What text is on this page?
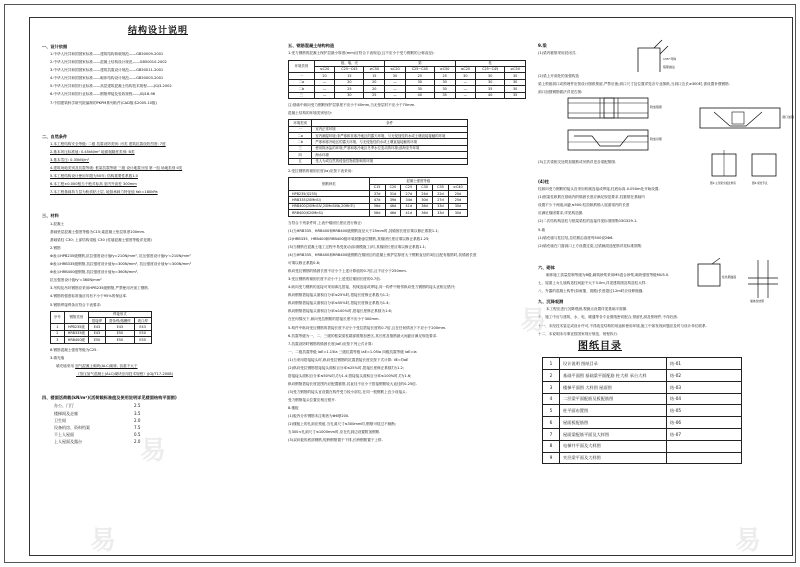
结构设计说明

一、设计依据

1.中华人民共和国国家标准——建筑结构荷载规范——GB50009-2001

2.中华人民共和国国家标准——混凝土结构设计规范——GB50010-2002

3.中华人民共和国国家标准——建筑抗震设计规范——GB50011-2001

4.中华人民共和国国家标准——砌体结构设计规范——GB50003-2001

5.中华人民共和国行业标准——高层建筑混凝土结构技术规程——JGJ3-2002

6.中华人民共和国行业标准——钢筋焊接及验收规程——JGJ18-96

7.中国建筑科学研究院编制的PKPM系列软件(CAD版本2005.10版)

二、自然条件

1.本工程结构安全等级: 二级 抗震设防类别: 丙类 建筑抗震设防烈度: 7度

2.基本风压标准值: 0.45kN/m² 地面粗糙度类别: B类

3.基本雪压: 0.35kN/m²

4.建筑场地类别及抗震等级: 框架抗震等级 三级 设计地震分组 第一组 场地类别 II类

5.本工程结构设计使用年限为50年; 结构重要性系数1.0

6.本工程±0.000相当于绝对标高 室内外高差 300mm

7.本工程基础持力层为粉质粘土层, 地基承载力特征值 fak=180kPa

三、材料

1.混凝土

基础垫层混凝土强度等级为C15;素混凝土垫层厚度100mm.

基础梁柱 C30; 上部结构梁板 C30 (柱墙混凝土强度等级详见图)

2.钢筋

Φ表示HPB235级钢筋,抗拉强度设计值fy=210N/mm², 抗压强度设计值fy'=210N/mm²

Φ表示HRB335级钢筋,抗拉强度设计值fy=300N/mm², 抗压强度设计值fy'=300N/mm²

Φ表示HRB400级钢筋,抗拉强度设计值fy=360N/mm²,

抗压强度设计值fy'=360N/mm²

3.吊钩及吊环钢筋应采用HPB235级钢筋,严禁使用冷加工钢筋.

4.钢筋的强度标准值应具有不小于95%的保证率.

5.钢筋焊接焊条应符合下表要求:

序号	钢筋类别	焊接形式		
		搭接焊	帮条焊/熔槽焊	坡口焊
1	HPB235级	E43	E43	E43
2	HRB335级	E43	E50	E50
3	HRB400级	E50	E50	E55

6.钢筋混凝土强度等级为C25.

3.填充墙

填充墙采用 加气混凝土砌块(ALC)砌体, 容重不大于

《蒸压加气混凝土(ALC)砌块应用技术规程》(JGJ/T17-2008)

四、楼面活荷载(kN/m²)(活荷载标准值及使用说明详见楼面结构平面图)

办公、门厅	2.5
楼梯间及走廊	3.5
卫生间	2.0
设备机房、资料档案	7.5
不上人屋面	0.5
上人屋面及露台	2.0

五、钢筋混凝土结构构造

1.受力钢筋的混凝土保护层最小厚度(mm)应符合下表规定(且不应小于受力钢筋的公称直径):

环境类别	板、墙、壳			梁			柱		
	≤C20	C25~C45	≥C50	≤C20	C25~C45	≥C50	≤C20	C25~C45	≥C50
一	20	15	15	30	25	25	30	30	30
二a	—	20	20	—	30	30	—	30	30
二b	—	25	20	—	35	30	—	35	30
三	—	30	25	—	40	35	—	40	35

注:基础中纵向受力钢筋保护层厚度不应小于40mm,当无垫层时不应小于70mm.

混凝土结构的环境类别划分:

环境类别	条件
一	室内正常环境
二a	室内潮湿环境;非严寒和非寒冷地区的露天环境、与无侵蚀性的水或土壤直接接触的环境
二b	严寒和寒冷地区的露天环境、与无侵蚀性的水或土壤直接接触的环境
三	使用除冰盐的环境;严寒和寒冷地区冬季水位变动的环境;滨海室外环境
四	海水环境
五	受人为或自然的侵蚀性物质影响的环境

2.受拉钢筋的锚固长度(la)应按下表采用:

钢筋种类	混凝土强度等级					
	C15	C20	C25	C30	C35	≥C40
HPB235(Q235)	37d	31d	27d	24d	22d	20d
HRB335(20MnSi)	47d	39d	34d	30d	27d	25d
HRB400(20MnSiV,20MnSiNb,20MnTi)	56d	46d	41d	36d	33d	30d
RRB400(K20MnSi)	56d	46d	41d	36d	33d	30d

当符合下列条件时,上表中锚固长度应进行修正:

(1)当HRB335、HRB400和RRB400级钢筋直径大于25mm时,其锚固长度应乘以修正系数1.1;

(2)HRB335、HRB400和RRB400级环氧树脂涂层钢筋,其锚固长度应乘以修正系数1.25;

(3)当钢筋在混凝土施工过程中易受扰动(如滑模施工)时,其锚固长度应乘以修正系数1.1;

(4)当HRB335、HRB400和RRB400级钢筋在锚固区的混凝土保护层厚度大于钢筋直径的3倍且配有箍筋时,其锚固长度

可乘以修正系数0.8;

纵向受拉钢筋的锚固长度不应小于上述计算值的0.7倍,且不应小于250mm.

3.受压钢筋的锚固长度不应小于上述受拉锚固长度的0.7倍.

4.纵向受力钢筋的连接可采用绑扎搭接、机械连接或焊接,同一构件中相邻纵向受力钢筋的接头宜相互错开;

纵向钢筋搭接接头面积百分率≤25%时,搭接长度修正系数为1.2;

纵向钢筋搭接接头面积百分率≤50%时,搭接长度修正系数为1.4;

纵向钢筋搭接接头面积百分率≤100%时,搭接长度修正系数为1.6;

在任何情况下,纵向受拉钢筋的搭接长度不应小于300mm.

5.构件中纵向受压钢筋的搭接长度不应小于受拉搭接长度的0.7倍,且在任何情况下不应小于200mm.

6.抗震等级为一、二、三级的框架梁柱端部箍筋加密区,其长度及箍筋最大间距应满足规范要求.

7.抗震设防时钢筋的锚固长度(laE)应按下列公式计算:

一、二级抗震等级 laE=1.15la 三级抗震等级 laE=1.05la 四级抗震等级 laE=la

(1)当采用搭接接头时,纵向受拉钢筋的抗震搭接长度应按下式计算: llE=ζlaE

(2)纵向受拉钢筋搭接接头面积百分率≤25%时,搭接长度修正系数ζ为1.2;

搭接接头面积百分率≤50%时,ζ为1.4;搭接接头面积百分率≤100%时,ζ为1.6;

纵向钢筋搭接长度范围内应配置箍筋,其直径不应小于搭接钢筋较大直径的0.25倍.

(3)受力钢筋的接头宜设置在构件受力较小部位,在同一根钢筋上宜少设接头.

受力钢筋接头位置应相互错开.

8.楼板

(1)板内分布钢筋未注明者为Φ6@200.

(2)楼板上的孔洞应预留,当孔洞尺寸≤300mm时,钢筋可绕过不截断;

当300<孔洞尺寸≤1000mm时,应在孔洞边设置附加钢筋.

(3)双向板的底部钢筋,短跨钢筋置于下排,长跨钢筋置于上排.

9.梁

(1)梁内箍筋采用封闭式.

(2)梁上开洞处的加强构造

梁上预留洞口或预埋件应按设计图纸预留,严禁后凿;洞口尺寸及位置详见各专业图纸,当洞口边长≥300时,需设置补强钢筋.

洞口加强钢筋做法详见右图:

(3)主次梁相交处附加箍筋或吊筋详见各梁配筋图.

(4)柱

柱纵向受力钢筋的接头宜采用机械连接或焊接,柱底标高-0.050m处开始设置.

(1)框架柱纵筋在基础内的锚固长度应满足规范要求,柱箍筋在基础内

设置不少于两道,间距≤500;柱顶纵筋锚入屋面梁内的长度

应满足锚固要求,详见构造图.

(2)二次结构构造柱与框架梁柱的连接详见标准图集03G329-1.

5.墙

(1)填充墙与柱拉结,拉结筋沿高度每500设2Φ6.

(2)填充墙在门窗洞口上方设置过梁,过梁截面及配筋详见标准图集.

六、砌体

砌体施工质量控制等级为B级,砌筑砂浆采用M5混合砂浆,砌块强度等级MU5.0.

七、屋面上女儿墙构造柱间距不大于3.0m,详见建筑图及构造柱大样.

八、外露的混凝土构件(如雨篷、挑檐)长度超过12m时应设伸缩缝.

九、沉降观测

本工程应进行沉降观测,观测点设置详见基础平面图.

十、施工中应与建筑、水、电、暖通等各专业图纸密切配合,预留孔洞及预埋件,不得后凿.

十一、未经技术鉴定或设计许可,不得改变结构的用途和使用环境,施工中如发现问题应及时与设计单位联系.

十二、本说明未尽事宜按国家现行规范、规程执行.

图纸目录
1	设计说明 图纸目录	结-01
2	基础平面图 基础梁平面配筋 柱大样 承台大样	结-02
3	楼梯平面图 大样图 屋面图	结-03
4	二层梁平面配筋及板配筋图	结-04
5	柱平面布置图	结-05
6	屋面板配筋图	结-06
7	屋面梁配筋平面及大样图	结-07
8	电梯井平面及大样图	
9	夹层梁平面及大样图	
135°弯钩
箍筋做法
附加箍筋
附加吊筋
洞口加强
图1:主次梁交接处构造	图2:梁柱节点
柱纵筋锚固
墙体拉结筋
易
易
易
易
